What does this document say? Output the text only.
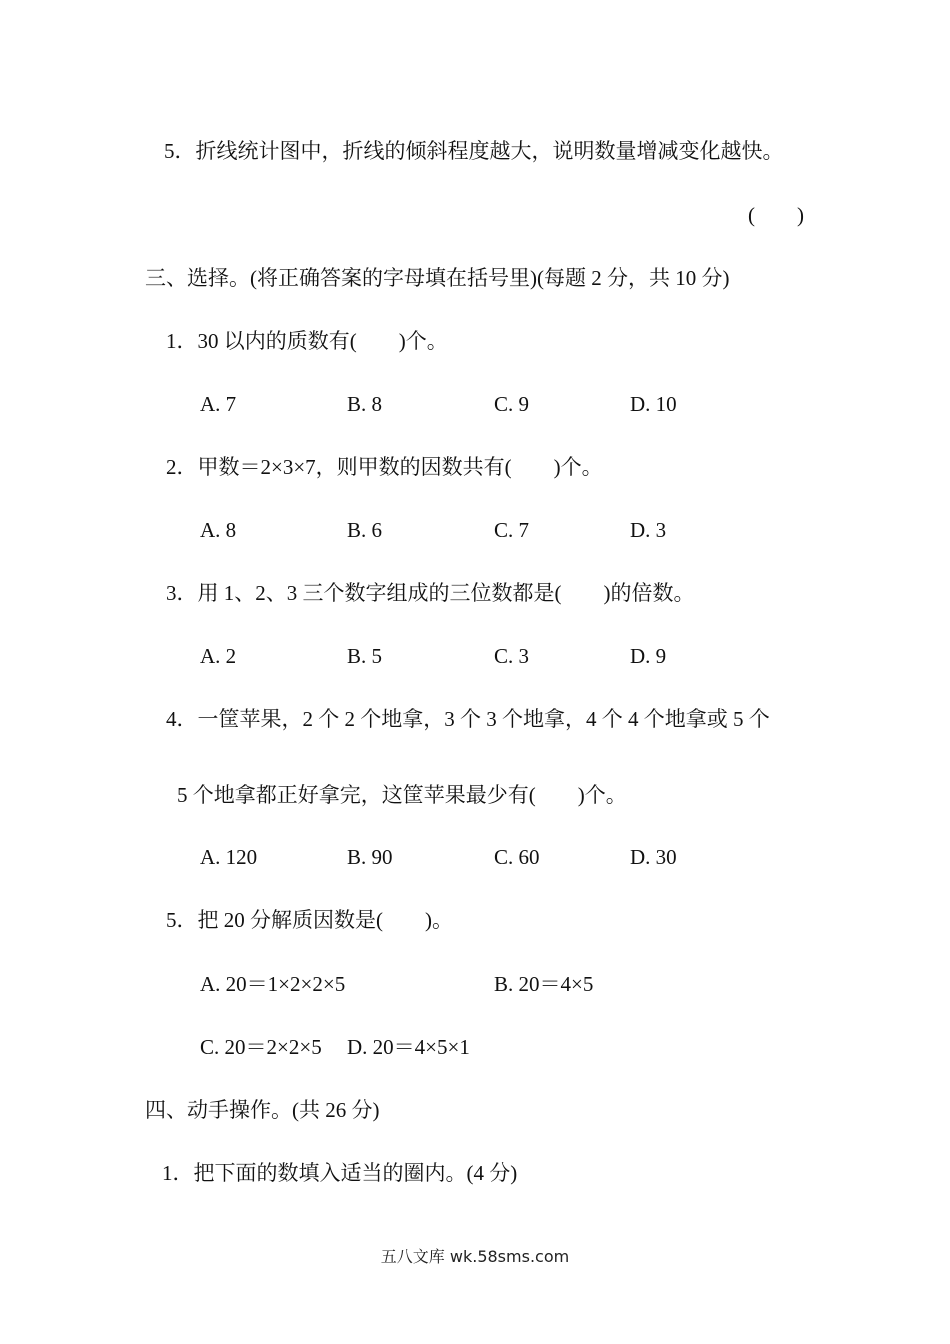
5．折线统计图中，折线的倾斜程度越大，说明数量增减变化越快。
(　　)
三、选择。(将正确答案的字母填在括号里)(每题 2 分，共 10 分)
1．30 以内的质数有(　　)个。
A. 7	B. 8	C. 9	D. 10
2．甲数＝2×3×7，则甲数的因数共有(　　)个。
A. 8	B. 6	C. 7	D. 3
3．用 1、2、3 三个数字组成的三位数都是(　　)的倍数。
A. 2	B. 5	C. 3	D. 9
4．一筐苹果，2 个 2 个地拿，3 个 3 个地拿，4 个 4 个地拿或 5 个
5 个地拿都正好拿完，这筐苹果最少有(　　)个。
A. 120	B. 90	C. 60	D. 30
5．把 20 分解质因数是(　　)。
A. 20＝1×2×2×5	B. 20＝4×5
C. 20＝2×2×5 D. 20＝4×5×1
四、动手操作。(共 26 分)
1．把下面的数填入适当的圈内。(4 分)
五八文库 wk.58sms.com
